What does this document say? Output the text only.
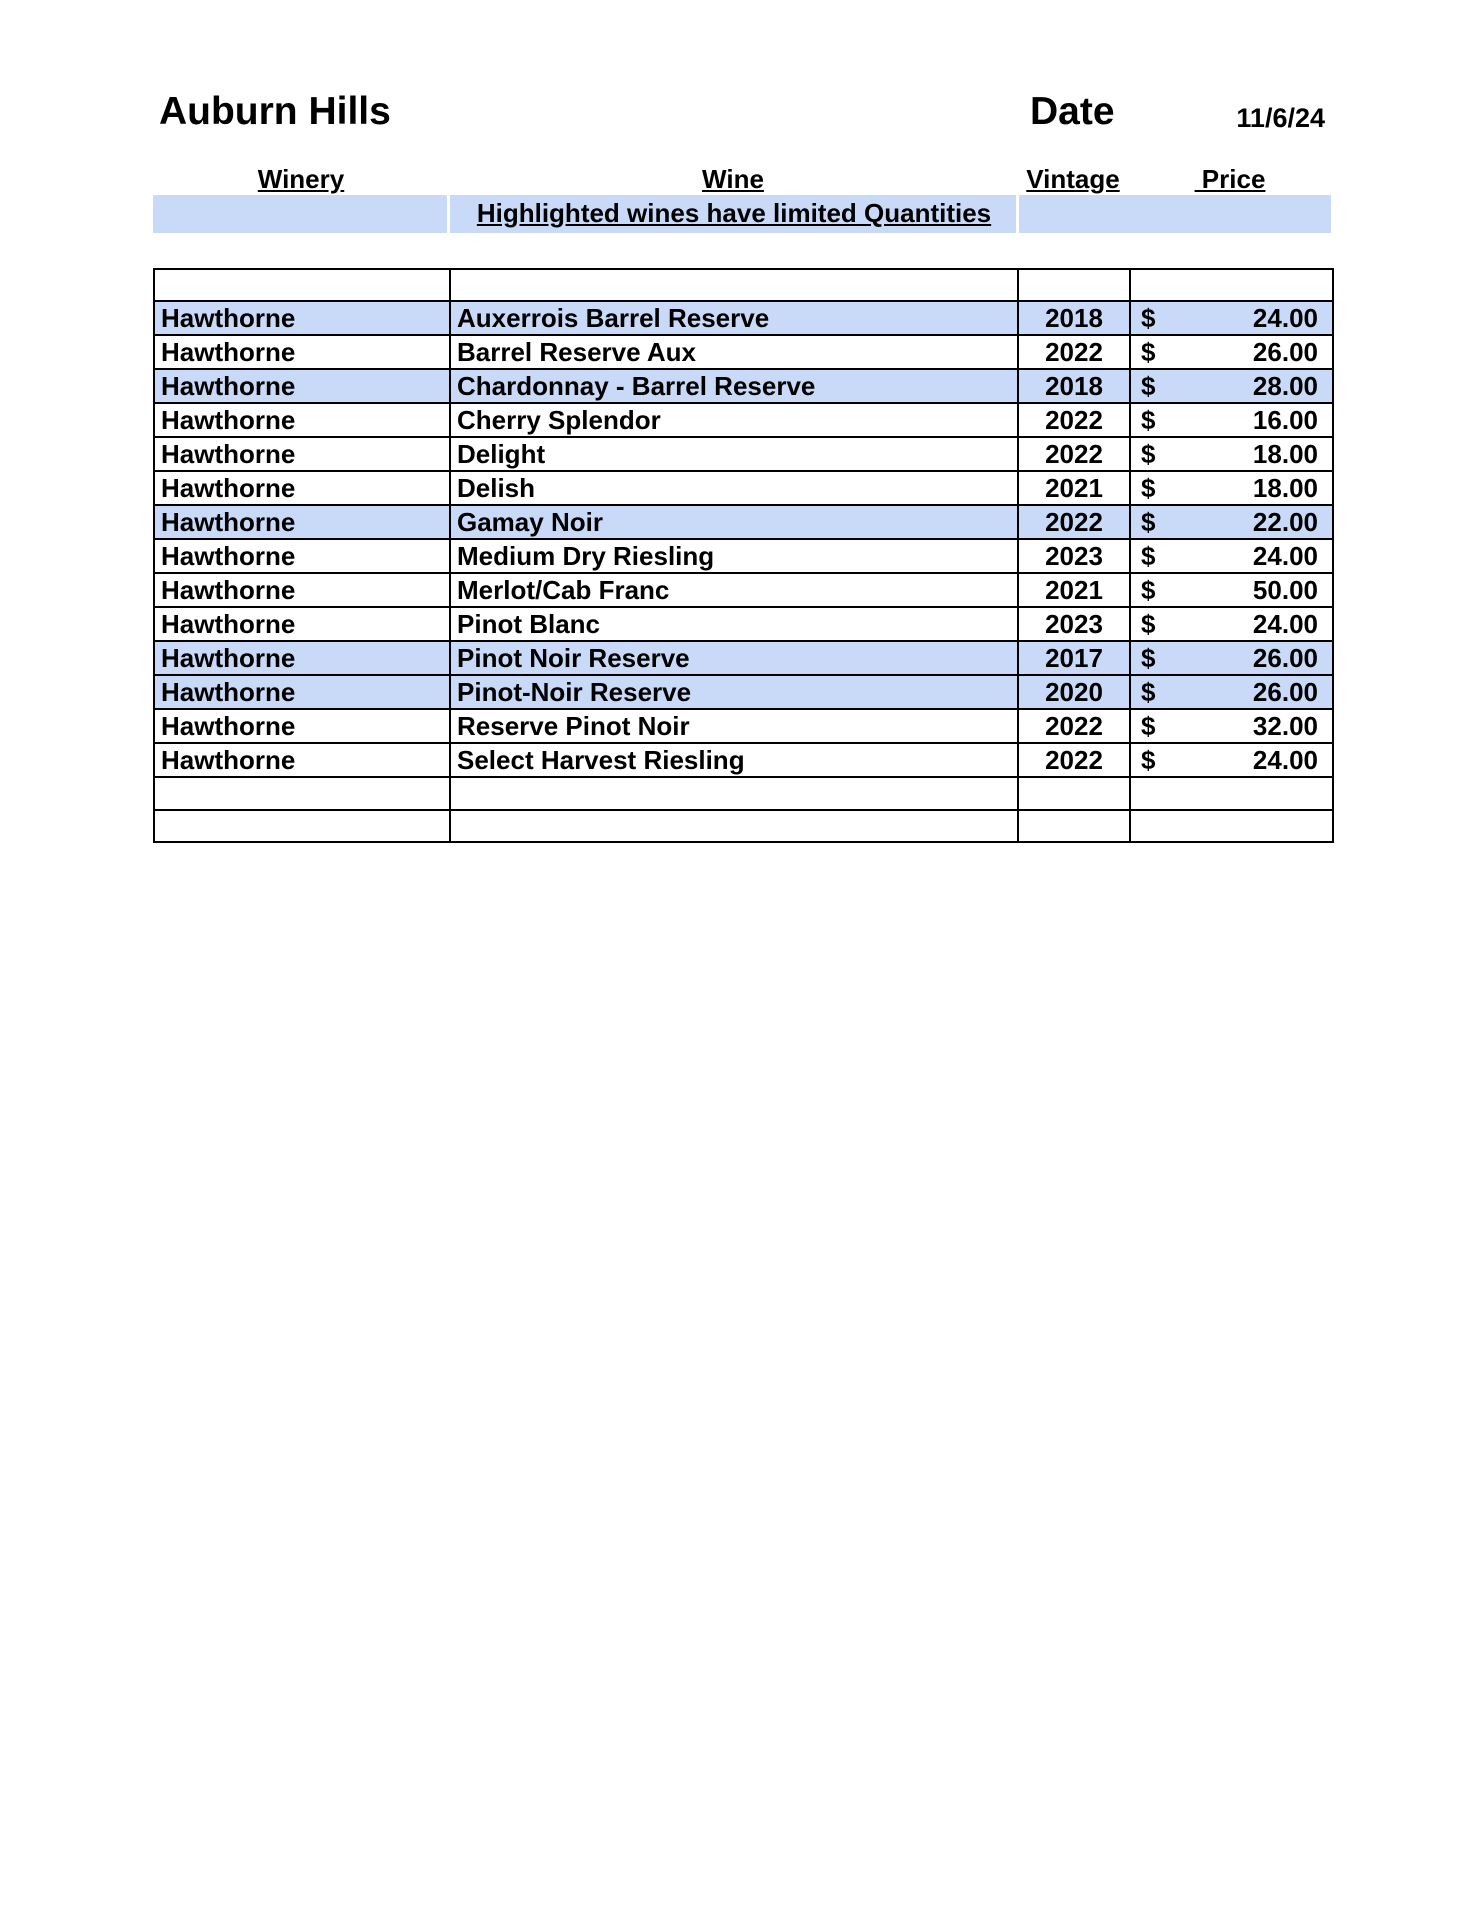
Auburn Hills	Date	11/6/24
Winery	Wine	Vintage	Price
Highlighted wines have limited Quantities

Hawthorne	Auxerrois Barrel Reserve	2018	$ 24.00

Hawthorne	Barrel Reserve Aux	2022	$ 26.00

Hawthorne	Chardonnay - Barrel Reserve	2018	$ 28.00

Hawthorne	Cherry Splendor	2022	$ 16.00

Hawthorne	Delight	2022	$ 18.00

Hawthorne	Delish	2021	$ 18.00

Hawthorne	Gamay Noir	2022	$ 22.00

Hawthorne	Medium Dry Riesling	2023	$ 24.00

Hawthorne	Merlot/Cab Franc	2021	$ 50.00

Hawthorne	Pinot Blanc	2023	$ 24.00

Hawthorne	Pinot Noir Reserve	2017	$ 26.00

Hawthorne	Pinot-Noir Reserve	2020	$ 26.00

Hawthorne	Reserve Pinot Noir	2022	$ 32.00

Hawthorne	Select Harvest Riesling	2022	$ 24.00
